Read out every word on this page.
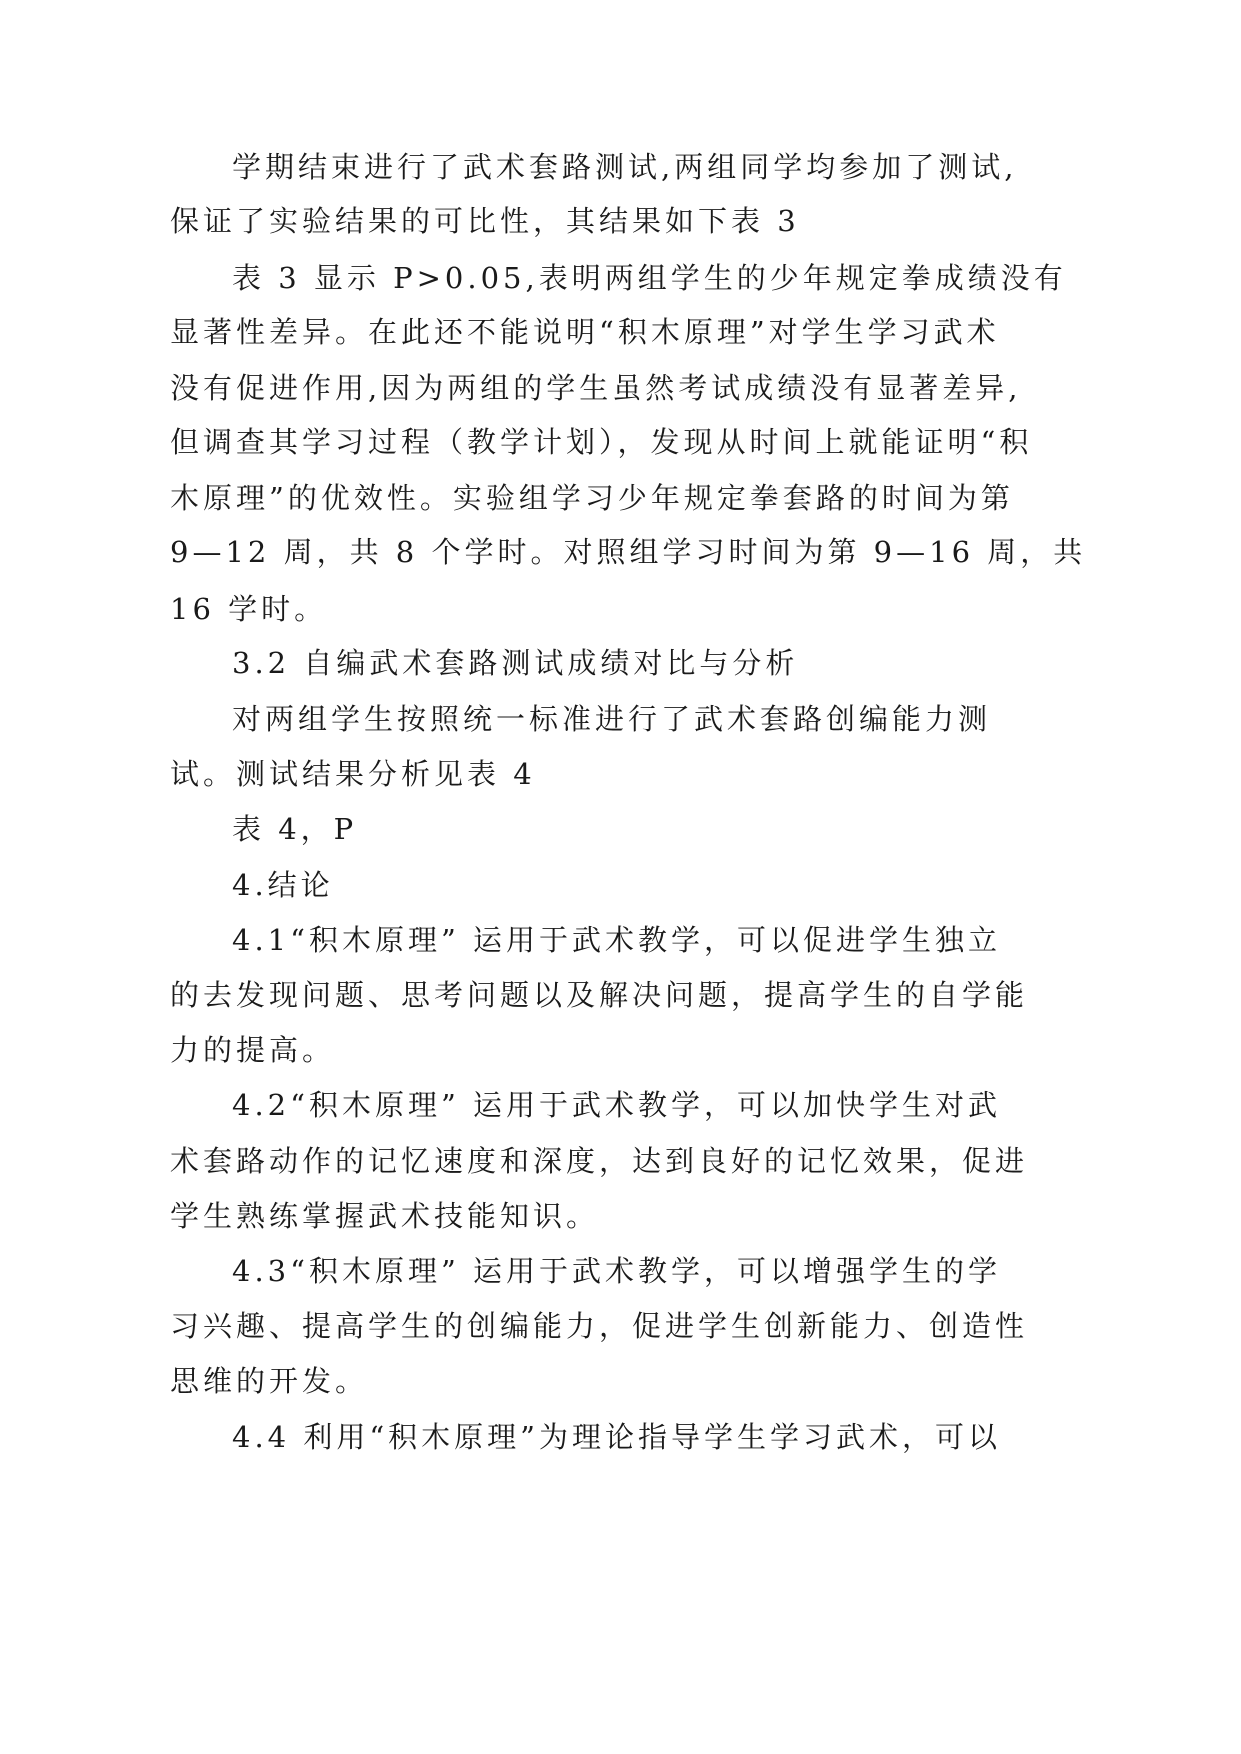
学期结束进行了武术套路测试,两组同学均参加了测试,
保证了实验结果的可比性，其结果如下表 3
表 3 显示 P>0.05,表明两组学生的少年规定拳成绩没有
显著性差异。在此还不能说明“积木原理”对学生学习武术
没有促进作用,因为两组的学生虽然考试成绩没有显著差异,
但调查其学习过程（教学计划），发现从时间上就能证明“积
木原理”的优效性。实验组学习少年规定拳套路的时间为第
9—12 周，共 8 个学时。对照组学习时间为第 9—16 周，共
16 学时。
3.2 自编武术套路测试成绩对比与分析
对两组学生按照统一标准进行了武术套路创编能力测
试。测试结果分析见表 4
表 4，P
4.结论
4.1“积木原理” 运用于武术教学，可以促进学生独立
的去发现问题、思考问题以及解决问题，提高学生的自学能
力的提高。
4.2“积木原理” 运用于武术教学，可以加快学生对武
术套路动作的记忆速度和深度，达到良好的记忆效果，促进
学生熟练掌握武术技能知识。
4.3“积木原理” 运用于武术教学，可以增强学生的学
习兴趣、提高学生的创编能力，促进学生创新能力、创造性
思维的开发。
4.4 利用“积木原理”为理论指导学生学习武术，可以
